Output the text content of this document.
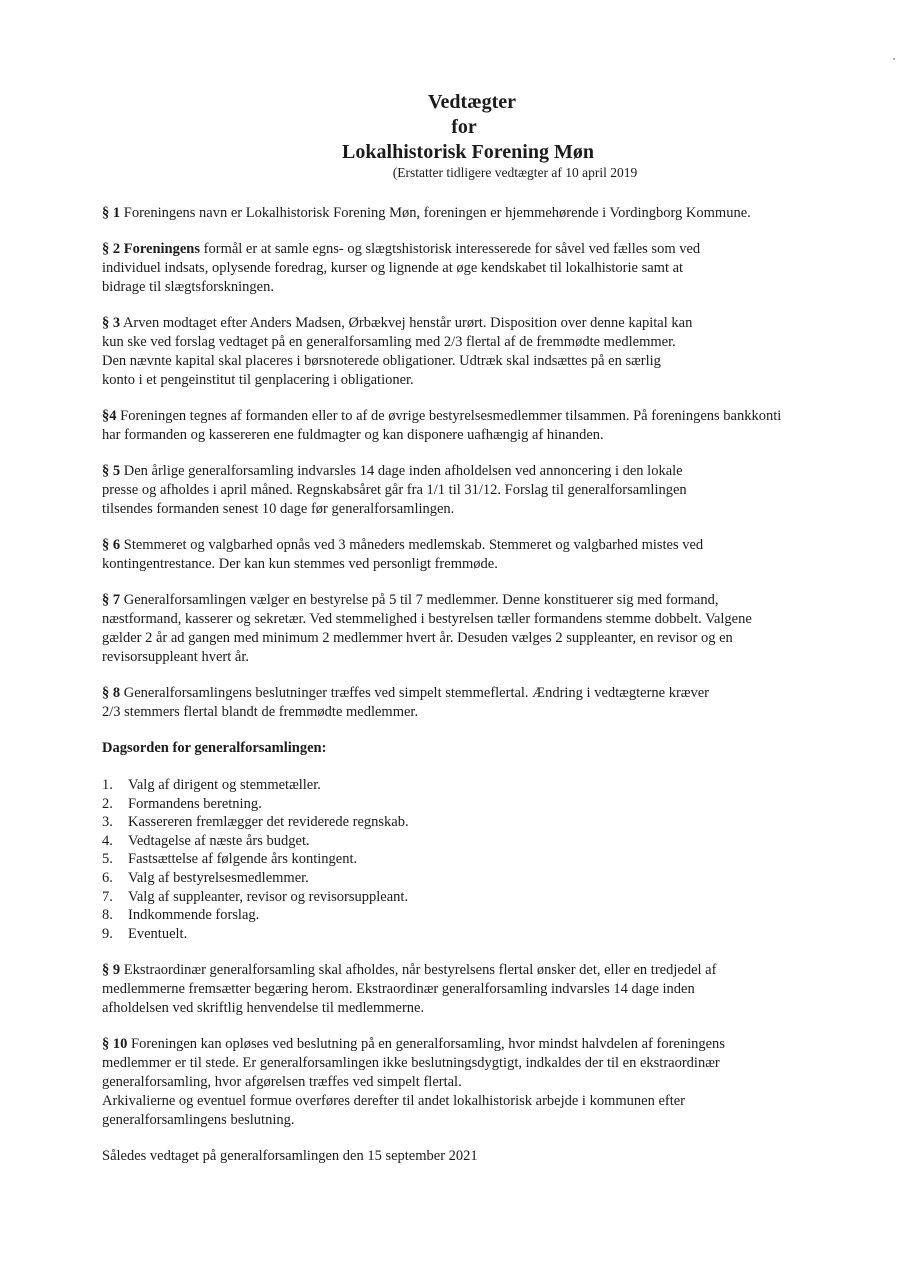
Vedtægter
for
Lokalhistorisk Forening Møn
(Erstatter tidligere vedtægter af 10 april 2019
§ 1 Foreningens navn er Lokalhistorisk Forening Møn, foreningen er hjemmehørende i Vordingborg Kommune.
§ 2 Foreningens formål er at samle egns- og slægtshistorisk interesserede for såvel ved fælles som ved
individuel indsats, oplysende foredrag, kurser og lignende at øge kendskabet til lokalhistorie samt at
bidrage til slægtsforskningen.
§ 3 Arven modtaget efter Anders Madsen, Ørbækvej henstår urørt. Disposition over denne kapital kan
kun ske ved forslag vedtaget på en generalforsamling med 2/3 flertal af de fremmødte medlemmer.
Den nævnte kapital skal placeres i børsnoterede obligationer. Udtræk skal indsættes på en særlig
konto i et pengeinstitut til genplacering i obligationer.
§4 Foreningen tegnes af formanden eller to af de øvrige bestyrelsesmedlemmer tilsammen. På foreningens bankkonti
har formanden og kassereren ene fuldmagter og kan disponere uafhængig af hinanden.
§ 5 Den årlige generalforsamling indvarsles 14 dage inden afholdelsen ved annoncering i den lokale
presse og afholdes i april måned. Regnskabsåret går fra 1/1 til 31/12. Forslag til generalforsamlingen
tilsendes formanden senest 10 dage før generalforsamlingen.
§ 6 Stemmeret og valgbarhed opnås ved 3 måneders medlemskab. Stemmeret og valgbarhed mistes ved
kontingentrestance. Der kan kun stemmes ved personligt fremmøde.
§ 7 Generalforsamlingen vælger en bestyrelse på 5 til 7 medlemmer. Denne konstituerer sig med formand,
næstformand, kasserer og sekretær. Ved stemmelighed i bestyrelsen tæller formandens stemme dobbelt. Valgene
gælder 2 år ad gangen med minimum 2 medlemmer hvert år. Desuden vælges 2 suppleanter, en revisor og en
revisorsuppleant hvert år.
§ 8 Generalforsamlingens beslutninger træffes ved simpelt stemmeflertal. Ændring i vedtægterne kræver
2/3 stemmers flertal blandt de fremmødte medlemmer.
Dagsorden for generalforsamlingen:
1. Valg af dirigent og stemmetæller.
2. Formandens beretning.
3. Kassereren fremlægger det reviderede regnskab.
4. Vedtagelse af næste års budget.
5. Fastsættelse af følgende års kontingent.
6. Valg af bestyrelsesmedlemmer.
7. Valg af suppleanter, revisor og revisorsuppleant.
8. Indkommende forslag.
9. Eventuelt.
§ 9 Ekstraordinær generalforsamling skal afholdes, når bestyrelsens flertal ønsker det, eller en tredjedel af
medlemmerne fremsætter begæring herom. Ekstraordinær generalforsamling indvarsles 14 dage inden
afholdelsen ved skriftlig henvendelse til medlemmerne.
§ 10 Foreningen kan opløses ved beslutning på en generalforsamling, hvor mindst halvdelen af foreningens
medlemmer er til stede. Er generalforsamlingen ikke beslutningsdygtigt, indkaldes der til en ekstraordinær
generalforsamling, hvor afgørelsen træffes ved simpelt flertal.
Arkivalierne og eventuel formue overføres derefter til andet lokalhistorisk arbejde i kommunen efter
generalforsamlingens beslutning.
Således vedtaget på generalforsamlingen den 15 september 2021
